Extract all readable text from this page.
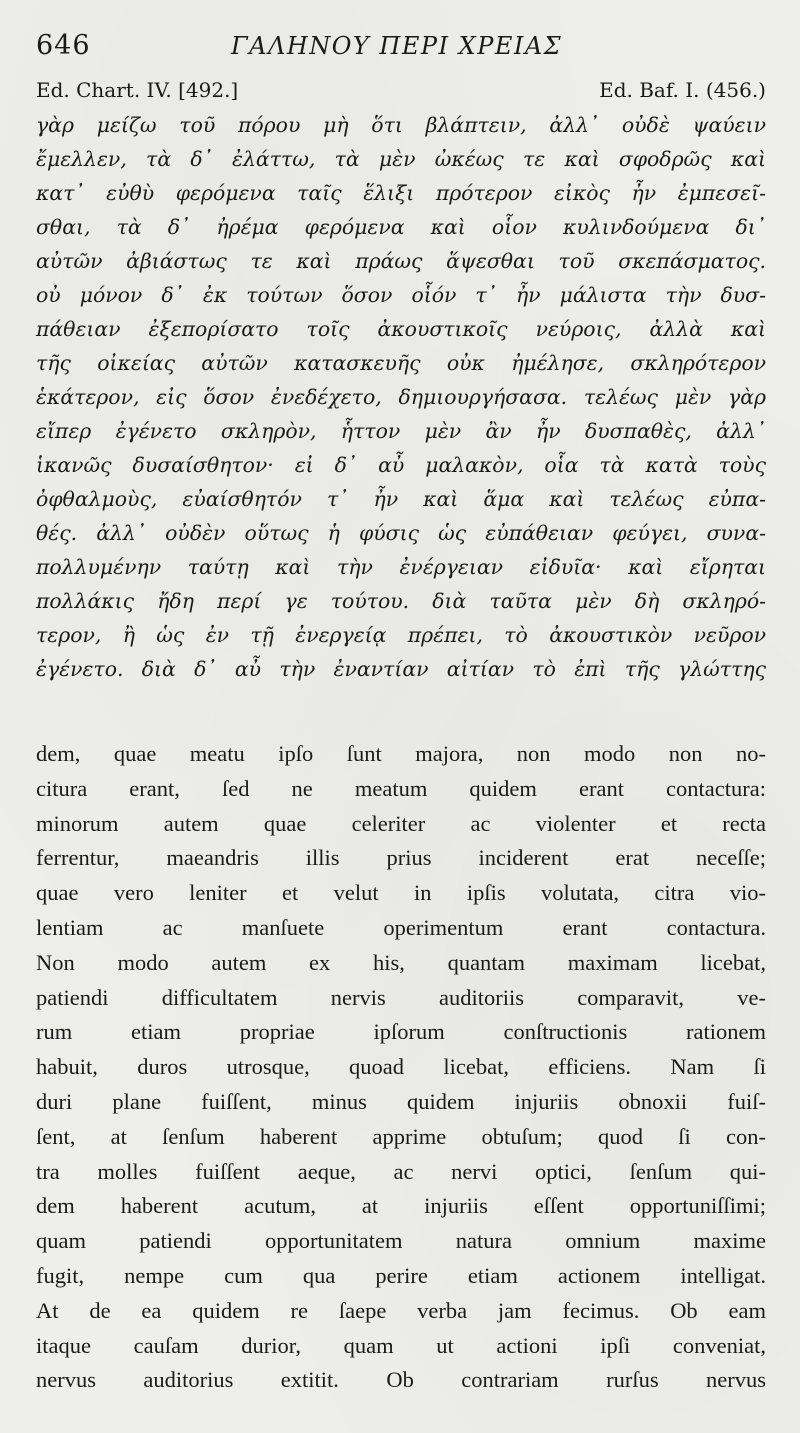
646	ΓΑΛΗΝΟΥ ΠΕΡΙ ΧΡΕΙΑΣ
Ed. Chart. IV. [492.]	Ed. Baf. I. (456.)
γὰρ μείζω τοῦ πόρου μὴ ὅτι βλάπτειν, ἀλλ᾽ οὐδὲ ψαύειν
ἔμελλεν, τὰ δ᾽ ἐλάττω, τὰ μὲν ὠκέως τε καὶ σφοδρῶς καὶ
κατ᾽ εὐθὺ φερόμενα ταῖς ἕλιξι πρότερον εἰκὸς ἦν ἐμπεσεῖ-
σθαι, τὰ δ᾽ ἠρέμα φερόμενα καὶ οἷον κυλινδούμενα δι᾽
αὐτῶν ἀβιάστως τε καὶ πράως ἅψεσθαι τοῦ σκεπάσματος.
οὐ μόνον δ᾽ ἐκ τούτων ὅσον οἷόν τ᾽ ἦν μάλιστα τὴν δυσ-
πάθειαν ἐξεπορίσατο τοῖς ἀκουστικοῖς νεύροις, ἀλλὰ καὶ
τῆς οἰκείας αὐτῶν κατασκευῆς οὐκ ἠμέλησε, σκληρότερον
ἑκάτερον, εἰς ὅσον ἐνεδέχετο, δημιουργήσασα. τελέως μὲν γὰρ
εἴπερ ἐγένετο σκληρὸν, ἧττον μὲν ἂν ἦν δυσπαθὲς, ἀλλ᾽
ἱκανῶς δυσαίσθητον· εἰ δ᾽ αὖ μαλακὸν, οἷα τὰ κατὰ τοὺς
ὀφθαλμοὺς, εὐαίσθητόν τ᾽ ἦν καὶ ἅμα καὶ τελέως εὐπα-
θές. ἀλλ᾽ οὐδὲν οὕτως ἡ φύσις ὡς εὐπάθειαν φεύγει, συνα-
πολλυμένην ταύτῃ καὶ τὴν ἐνέργειαν εἰδυῖα· καὶ εἴρηται
πολλάκις ἤδη περί γε τούτου. διὰ ταῦτα μὲν δὴ σκληρό-
τερον, ἢ ὡς ἐν τῇ ἐνεργείᾳ πρέπει, τὸ ἀκουστικὸν νεῦρον
ἐγένετο. διὰ δ᾽ αὖ τὴν ἐναντίαν αἰτίαν τὸ ἐπὶ τῆς γλώττης
dem, quae meatu ipſo ſunt majora, non modo non no-
citura erant, ſed ne meatum quidem erant contactura:
minorum autem quae celeriter ac violenter et recta
ferrentur, maeandris illis prius inciderent erat neceſſe;
quae vero leniter et velut in ipſis volutata, citra vio-
lentiam ac manſuete operimentum erant contactura.
Non modo autem ex his, quantam maximam licebat,
patiendi difficultatem nervis auditoriis comparavit, ve-
rum etiam propriae ipſorum conſtructionis rationem
habuit, duros utrosque, quoad licebat, efficiens. Nam ſi
duri plane fuiſſent, minus quidem injuriis obnoxii fuiſ-
ſent, at ſenſum haberent apprime obtuſum; quod ſi con-
tra molles fuiſſent aeque, ac nervi optici, ſenſum qui-
dem haberent acutum, at injuriis eſſent opportuniſſimi;
quam patiendi opportunitatem natura omnium maxime
fugit, nempe cum qua perire etiam actionem intelligat.
At de ea quidem re ſaepe verba jam fecimus. Ob eam
itaque cauſam durior, quam ut actioni ipſi conveniat,
nervus auditorius extitit. Ob contrariam rurſus nervus
